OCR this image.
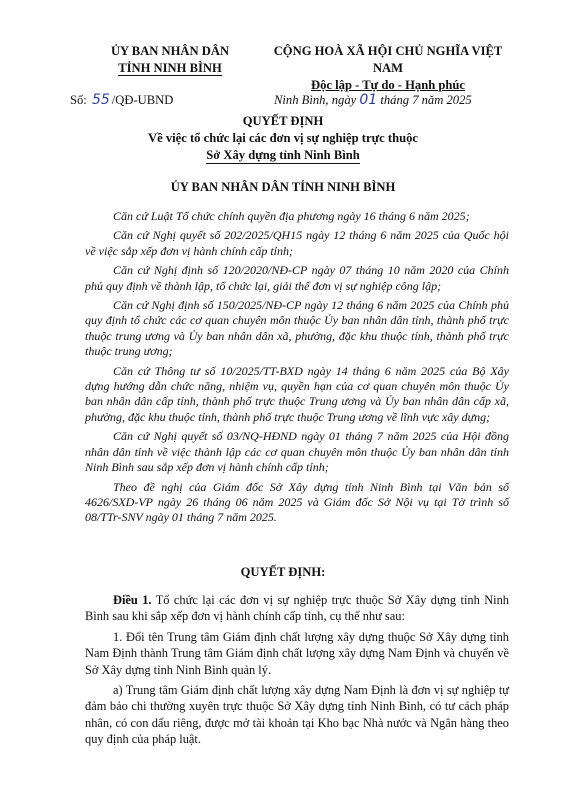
ỦY BAN NHÂN DÂN
TỈNH NINH BÌNH
CỘNG HOÀ XÃ HỘI CHỦ NGHĨA VIỆT NAM
Độc lập - Tự do - Hạnh phúc
Số: 55 /QĐ-UBND	Ninh Bình, ngày 01 tháng 7 năm 2025
QUYẾT ĐỊNH
Về việc tổ chức lại các đơn vị sự nghiệp trực thuộc
Sở Xây dựng tỉnh Ninh Bình
ỦY BAN NHÂN DÂN TỈNH NINH BÌNH

Căn cứ Luật Tổ chức chính quyền địa phương ngày 16 tháng 6 năm 2025;

Căn cứ Nghị quyết số 202/2025/QH15 ngày 12 tháng 6 năm 2025 của Quốc hội về việc sắp xếp đơn vị hành chính cấp tỉnh;

Căn cứ Nghị định số 120/2020/NĐ-CP ngày 07 tháng 10 năm 2020 của Chính phủ quy định về thành lập, tổ chức lại, giải thể đơn vị sự nghiệp công lập;

Căn cứ Nghị định số 150/2025/NĐ-CP ngày 12 tháng 6 năm 2025 của Chính phủ quy định tổ chức các cơ quan chuyên môn thuộc Ủy ban nhân dân tỉnh, thành phố trực thuộc trung ương và Ủy ban nhân dân xã, phường, đặc khu thuộc tỉnh, thành phố trực thuộc trung ương;

Căn cứ Thông tư số 10/2025/TT-BXD ngày 14 tháng 6 năm 2025 của Bộ Xây dựng hướng dẫn chức năng, nhiệm vụ, quyền hạn của cơ quan chuyên môn thuộc Ủy ban nhân dân cấp tỉnh, thành phố trực thuộc Trung ương và Ủy ban nhân dân cấp xã, phường, đặc khu thuộc tỉnh, thành phố trực thuộc Trung ương về lĩnh vực xây dựng;

Căn cứ Nghị quyết số 03/NQ-HĐND ngày 01 tháng 7 năm 2025 của Hội đồng nhân dân tỉnh về việc thành lập các cơ quan chuyên môn thuộc Ủy ban nhân dân tỉnh Ninh Bình sau sắp xếp đơn vị hành chính cấp tỉnh;

Theo đề nghị của Giám đốc Sở Xây dựng tỉnh Ninh Bình tại Văn bản số 4626/SXD-VP ngày 26 tháng 06 năm 2025 và Giám đốc Sở Nội vụ tại Tờ trình số 08/TTr-SNV ngày 01 tháng 7 năm 2025.

QUYẾT ĐỊNH:

Điều 1. Tổ chức lại các đơn vị sự nghiệp trực thuộc Sở Xây dựng tỉnh Ninh Bình sau khi sắp xếp đơn vị hành chính cấp tỉnh, cụ thể như sau:

1. Đổi tên Trung tâm Giám định chất lượng xây dựng thuộc Sở Xây dựng tỉnh Nam Định thành Trung tâm Giám định chất lượng xây dựng Nam Định và chuyển về Sở Xây dựng tỉnh Ninh Bình quản lý.

a) Trung tâm Giám định chất lượng xây dựng Nam Định là đơn vị sự nghiệp tự đảm bảo chi thường xuyên trực thuộc Sở Xây dựng tỉnh Ninh Bình, có tư cách pháp nhân, có con dấu riêng, được mở tài khoản tại Kho bạc Nhà nước và Ngân hàng theo quy định của pháp luật.
